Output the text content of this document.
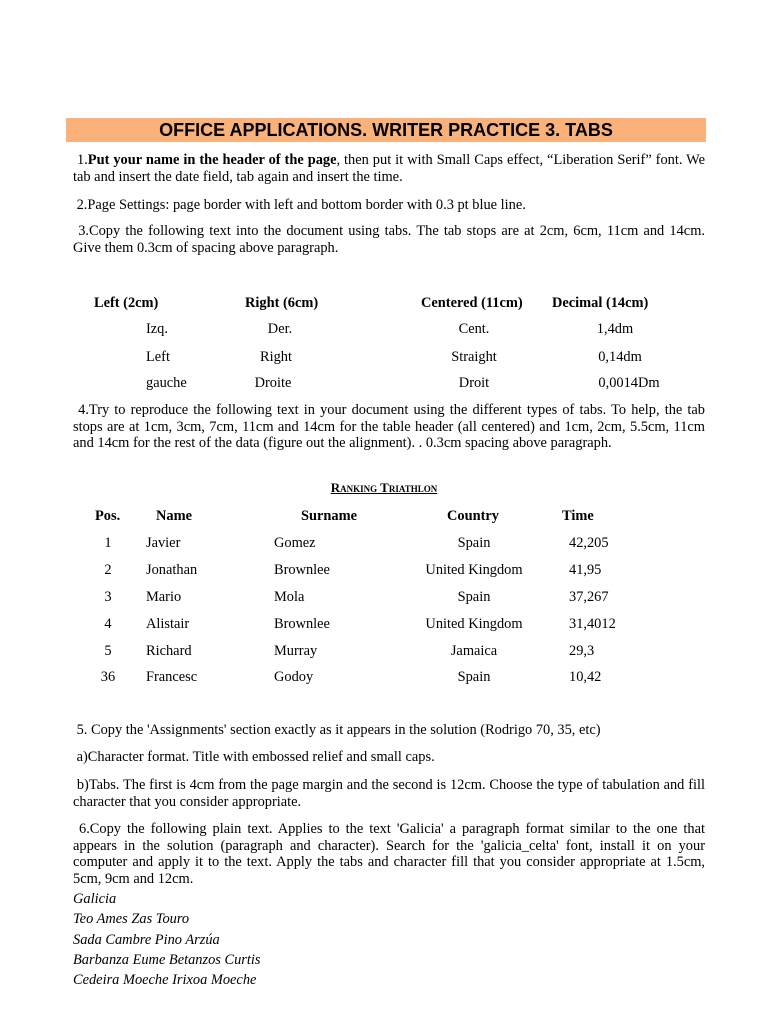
OFFICE APPLICATIONS. WRITER PRACTICE 3. TABS
1.Put your name in the header of the page, then put it with Small Caps effect, “Liberation Serif” font. We tab and insert the date field, tab again and insert the time.
2.Page Settings: page border with left and bottom border with 0.3 pt blue line.
3.Copy the following text into the document using tabs. The tab stops are at 2cm, 6cm, 11cm and 14cm. Give them 0.3cm of spacing above paragraph.
Left (2cm)	Right (6cm)	Centered (11cm) Decimal (14cm)
Izq.	Der.	Cent.	1,4dm
Left	Right	Straight	0,14dm
gauche	Droite	Droit	0,0014Dm
4.Try to reproduce the following text in your document using the different types of tabs. To help, the tab stops are at 1cm, 3cm, 7cm, 11cm and 14cm for the table header (all centered) and 1cm, 2cm, 5.5cm, 11cm and 14cm for the rest of the data (figure out the alignment). . 0.3cm spacing above paragraph.
Ranking Triathlon
Pos. Name	Surname	Country	Time
1 Javier	Gomez	Spain	42,205
2 Jonathan	Brownlee	United Kingdom	41,95
3 Mario	Mola	Spain	37,267
4 Alistair	Brownlee	United Kingdom	31,4012
5 Richard	Murray	Jamaica	29,3
36 Francesc	Godoy	Spain	10,42
5. Copy the 'Assignments' section exactly as it appears in the solution (Rodrigo 70, 35, etc)
a)Character format. Title with embossed relief and small caps.
b)Tabs. The first is 4cm from the page margin and the second is 12cm. Choose the type of tabulation and fill character that you consider appropriate.
6.Copy the following plain text. Applies to the text 'Galicia' a paragraph format similar to the one that appears in the solution (paragraph and character). Search for the 'galicia_celta' font, install it on your computer and apply it to the text. Apply the tabs and character fill that you consider appropriate at 1.5cm, 5cm, 9cm and 12cm.
Galicia
Teo Ames Zas Touro
Sada Cambre Pino Arzúa
Barbanza Eume Betanzos Curtis
Cedeira Moeche Irixoa Moeche
